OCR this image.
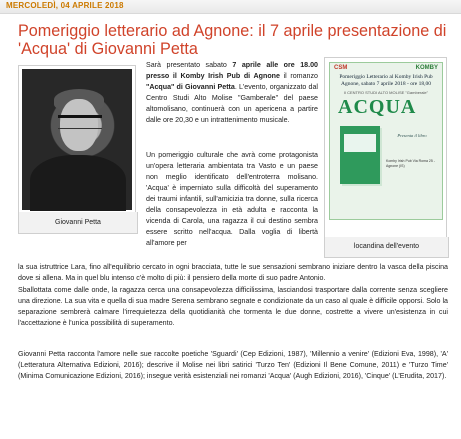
MERCOLEDÌ, 04 APRILE 2018
Pomeriggio letterario ad Agnone: il 7 aprile presentazione di 'Acqua' di Giovanni Petta
Giovanni Petta
CSM	KOMBY
Pomeriggio Letterario al Komby Irish Pub Agnone, sabato 7 aprile 2018 - ore 18,00
Il CENTRO STUDI ALTO MOLISE "Gamberale"
ACQUA
Presenta il libro
Komby Irish Pub Via Roma 25 - Agnone (IS)
locandina dell'evento
Sarà presentato sabato 7 aprile alle ore 18.00 presso il Komby Irish Pub di Agnone il romanzo "Acqua" di Giovanni Petta. L'evento, organizzato dal Centro Studi Alto Molise "Gamberale" del paese altomolisano, continuerà con un apericena a partire dalle ore 20,30 e un intrattenimento musicale.
Un pomeriggio culturale che avrà come protagonista un'opera letteraria ambientata tra Vasto e un paese non meglio identificato dell'entroterra molisano. 'Acqua' è imperniato sulla difficoltà del superamento dei traumi infantili, sull'amicizia tra donne, sulla ricerca della consapevolezza in età adulta e racconta la vicenda di Carola, una ragazza il cui destino sembra essere scritto nell'acqua. Dalla voglia di libertà all'amore per
la sua istruttrice Lara, fino all'equilibrio cercato in ogni bracciata, tutte le sue sensazioni sembrano iniziare dentro la vasca della piscina dove si allena. Ma in quel blu intenso c'è molto di più: il pensiero della morte di suo padre Antonio.
Sballottata come dalle onde, la ragazza cerca una consapevolezza difficilissima, lasciandosi trasportare dalla corrente senza scegliere una direzione. La sua vita e quella di sua madre Serena sembrano segnate e condizionate da un caso al quale è difficile opporsi. Solo la separazione sembrerà calmare l'irrequietezza della quotidianità che tormenta le due donne, costrette a vivere un'esistenza in cui l'accettazione è l'unica possibilità di superamento.
Giovanni Petta racconta l'amore nelle sue raccolte poetiche 'Sguardi' (Cep Edizioni, 1987), 'Millennio a venire' (Edizioni Eva, 1998), 'A' (Letteratura Alternativa Edizioni, 2016); descrive il Molise nei libri satirici 'Turzo Ten' (Edizioni Il Bene Comune, 2011) e 'Turzo Time' (Minima Comunicazione Edizioni, 2016); insegue verità esistenziali nei romanzi 'Acqua' (Augh Edizioni, 2016), 'Cinque' (L'Erudita, 2017).
